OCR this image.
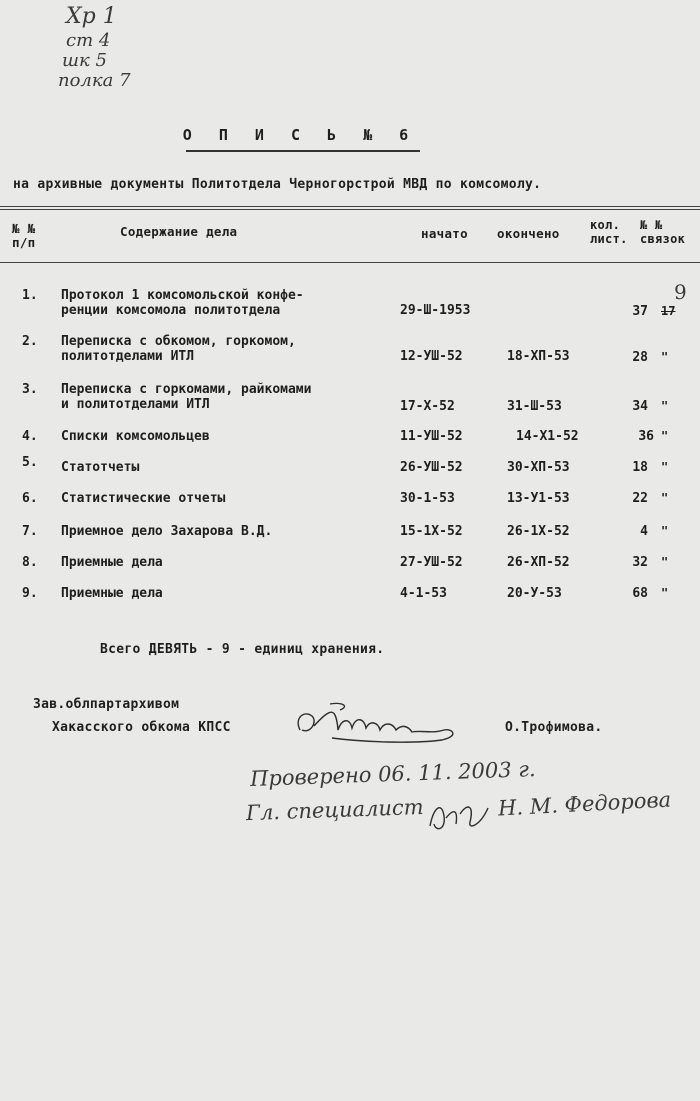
Хр 1
ст 4
шк 5
полка 7
О П И С Ь № 6
на архивные документы Политотдела Черногорстрой МВД по комсомолу.
№ № п/п
Содержание дела	начато окончено
кол. лист.
№ № связок
1. Протокол 1 комсомольской конфе-
ренции комсомола политотдела	29-Ш-1953	37 17
9
2. Переписка с обкомом, горкомом,
политотделами ИТЛ	12-УШ-52	18-ХП-53	28 "
3. Переписка с горкомами, райкомами
и политотделами ИТЛ	17-Х-52	31-Ш-53	34 "
4. Списки комсомольцев	11-УШ-52	14-Х1-52	36 "
5. Статотчеты	26-УШ-52	30-ХП-53	18 "
6. Статистические отчеты	30-1-53	13-У1-53	22 "
7. Приемное дело Захарова В.Д.	15-1Х-52	26-1Х-52	4 "
8. Приемные дела	27-УШ-52	26-ХП-52	32 "
9. Приемные дела	4-1-53	20-У-53	68 "
Всего ДЕВЯТЬ - 9 - единиц хранения.
Зав.облпартархивом
Хакасского обкома КПСС	О.Трофимова.
Проверено 06. 11. 2003 г.
Гл. специалист	Н. М. Федорова
